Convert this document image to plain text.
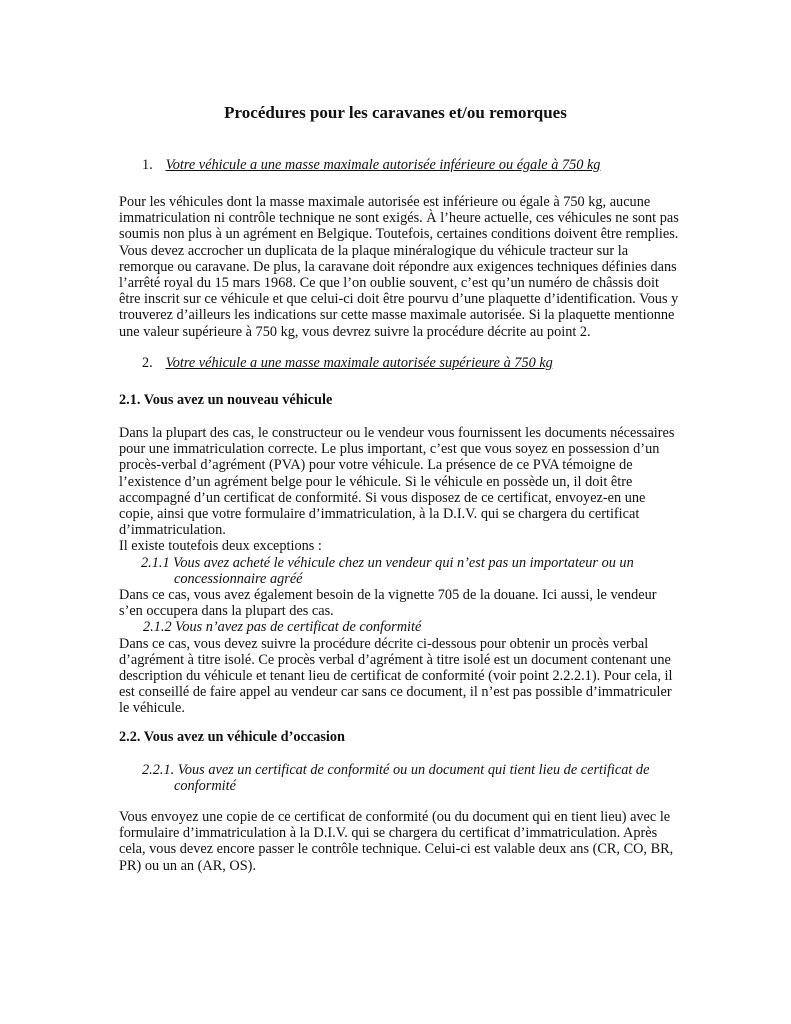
Procédures pour les caravanes et/ou remorques
1. Votre véhicule a une masse maximale autorisée inférieure ou égale à 750 kg
Pour les véhicules dont la masse maximale autorisée est inférieure ou égale à 750 kg, aucune
immatriculation ni contrôle technique ne sont exigés. À l’heure actuelle, ces véhicules ne sont pas
soumis non plus à un agrément en Belgique. Toutefois, certaines conditions doivent être remplies.
Vous devez accrocher un duplicata de la plaque minéralogique du véhicule tracteur sur la
remorque ou caravane. De plus, la caravane doit répondre aux exigences techniques définies dans
l’arrêté royal du 15 mars 1968. Ce que l’on oublie souvent, c’est qu’un numéro de châssis doit
être inscrit sur ce véhicule et que celui-ci doit être pourvu d’une plaquette d’identification. Vous y
trouverez d’ailleurs les indications sur cette masse maximale autorisée. Si la plaquette mentionne
une valeur supérieure à 750 kg, vous devrez suivre la procédure décrite au point 2.
2. Votre véhicule a une masse maximale autorisée supérieure à 750 kg
2.1. Vous avez un nouveau véhicule
Dans la plupart des cas, le constructeur ou le vendeur vous fournissent les documents nécessaires
pour une immatriculation correcte. Le plus important, c’est que vous soyez en possession d’un
procès-verbal d’agrément (PVA) pour votre véhicule. La présence de ce PVA témoigne de
l’existence d’un agrément belge pour le véhicule. Si le véhicule en possède un, il doit être
accompagné d’un certificat de conformité. Si vous disposez de ce certificat, envoyez-en une
copie, ainsi que votre formulaire d’immatriculation, à la D.I.V. qui se chargera du certificat
d’immatriculation.
Il existe toutefois deux exceptions :
2.1.1 Vous avez acheté le véhicule chez un vendeur qui n’est pas un importateur ou un
concessionnaire agréé
Dans ce cas, vous avez également besoin de la vignette 705 de la douane. Ici aussi, le vendeur
s’en occupera dans la plupart des cas.
2.1.2 Vous n’avez pas de certificat de conformité
Dans ce cas, vous devez suivre la procédure décrite ci-dessous pour obtenir un procès verbal
d’agrément à titre isolé. Ce procès verbal d’agrément à titre isolé est un document contenant une
description du véhicule et tenant lieu de certificat de conformité (voir point 2.2.2.1). Pour cela, il
est conseillé de faire appel au vendeur car sans ce document, il n’est pas possible d’immatriculer
le véhicule.
2.2. Vous avez un véhicule d’occasion
2.2.1. Vous avez un certificat de conformité ou un document qui tient lieu de certificat de
conformité
Vous envoyez une copie de ce certificat de conformité (ou du document qui en tient lieu) avec le
formulaire d’immatriculation à la D.I.V. qui se chargera du certificat d’immatriculation. Après
cela, vous devez encore passer le contrôle technique. Celui-ci est valable deux ans (CR, CO, BR,
PR) ou un an (AR, OS).
